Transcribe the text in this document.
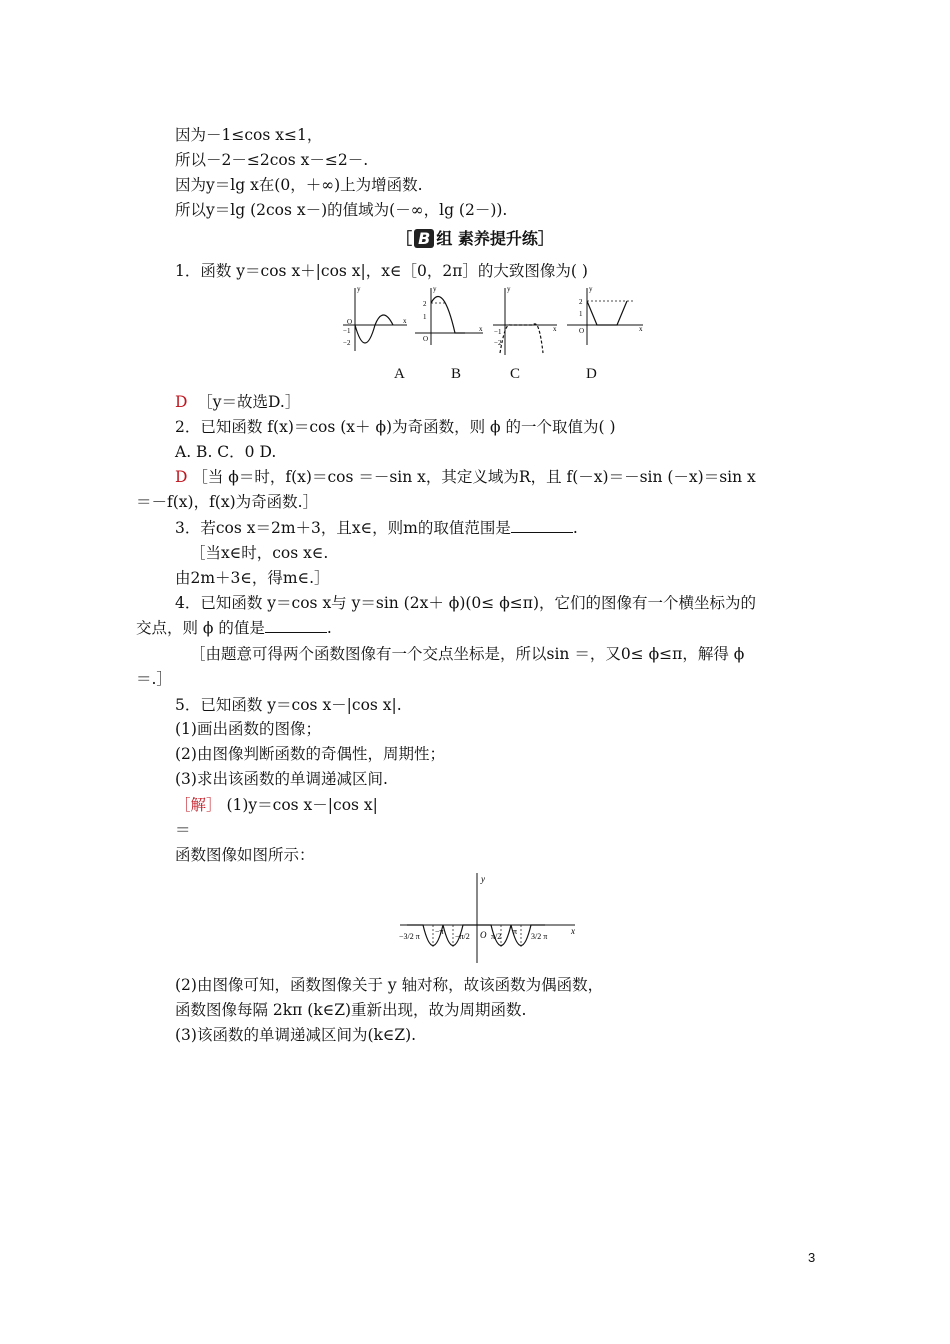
因为－1≤cos x≤1，
所以－2－≤2cos x－≤2－.
因为y＝lg x在(0，＋∞)上为增函数.
所以y＝lg (2cos x－)的值域为(－∞，lg (2－)).
［ B 组 素养提升练］
1．函数 y＝cos x＋|cos x|，x∈［0，2π］的大致图像为( )
y
x
O
−1
−2
y
2
1
O
x
y
−1
−2
x
y
2
1
O	x
A	B	C	D
D ［y＝故选D.］
2．已知函数 f(x)＝cos (x＋ ϕ)为奇函数，则 ϕ 的一个取值为( )
A. B. C．0 D.
D ［当 ϕ＝时，f(x)＝cos ＝－sin x，其定义域为R，且 f(－x)＝－sin (－x)＝sin x
＝－f(x)，f(x)为奇函数.］
3．若cos x＝2m＋3，且x∈，则m的取值范围是	.
［当x∈时，cos x∈.
由2m＋3∈，得m∈.］
4．已知函数 y＝cos x与 y＝sin (2x＋ ϕ)(0≤ ϕ≤π)，它们的图像有一个横坐标为的
交点，则 ϕ 的值是	.
［由题意可得两个函数图像有一个交点坐标是，所以sin ＝，又0≤ ϕ≤π，解得 ϕ
＝.］
5．已知函数 y＝cos x－|cos x|.
(1)画出函数的图像；
(2)由图像判断函数的奇偶性，周期性；
(3)求出该函数的单调递减区间.
［解］ (1)y＝cos x－|cos x|
＝
函数图像如图所示：
y
x
O
−3/2 π
−π
−π/2	π/2
π
3/2 π
(2)由图像可知，函数图像关于 y 轴对称，故该函数为偶函数，
函数图像每隔 2kπ (k∈Z)重新出现，故为周期函数.
(3)该函数的单调递减区间为(k∈Z).
3
